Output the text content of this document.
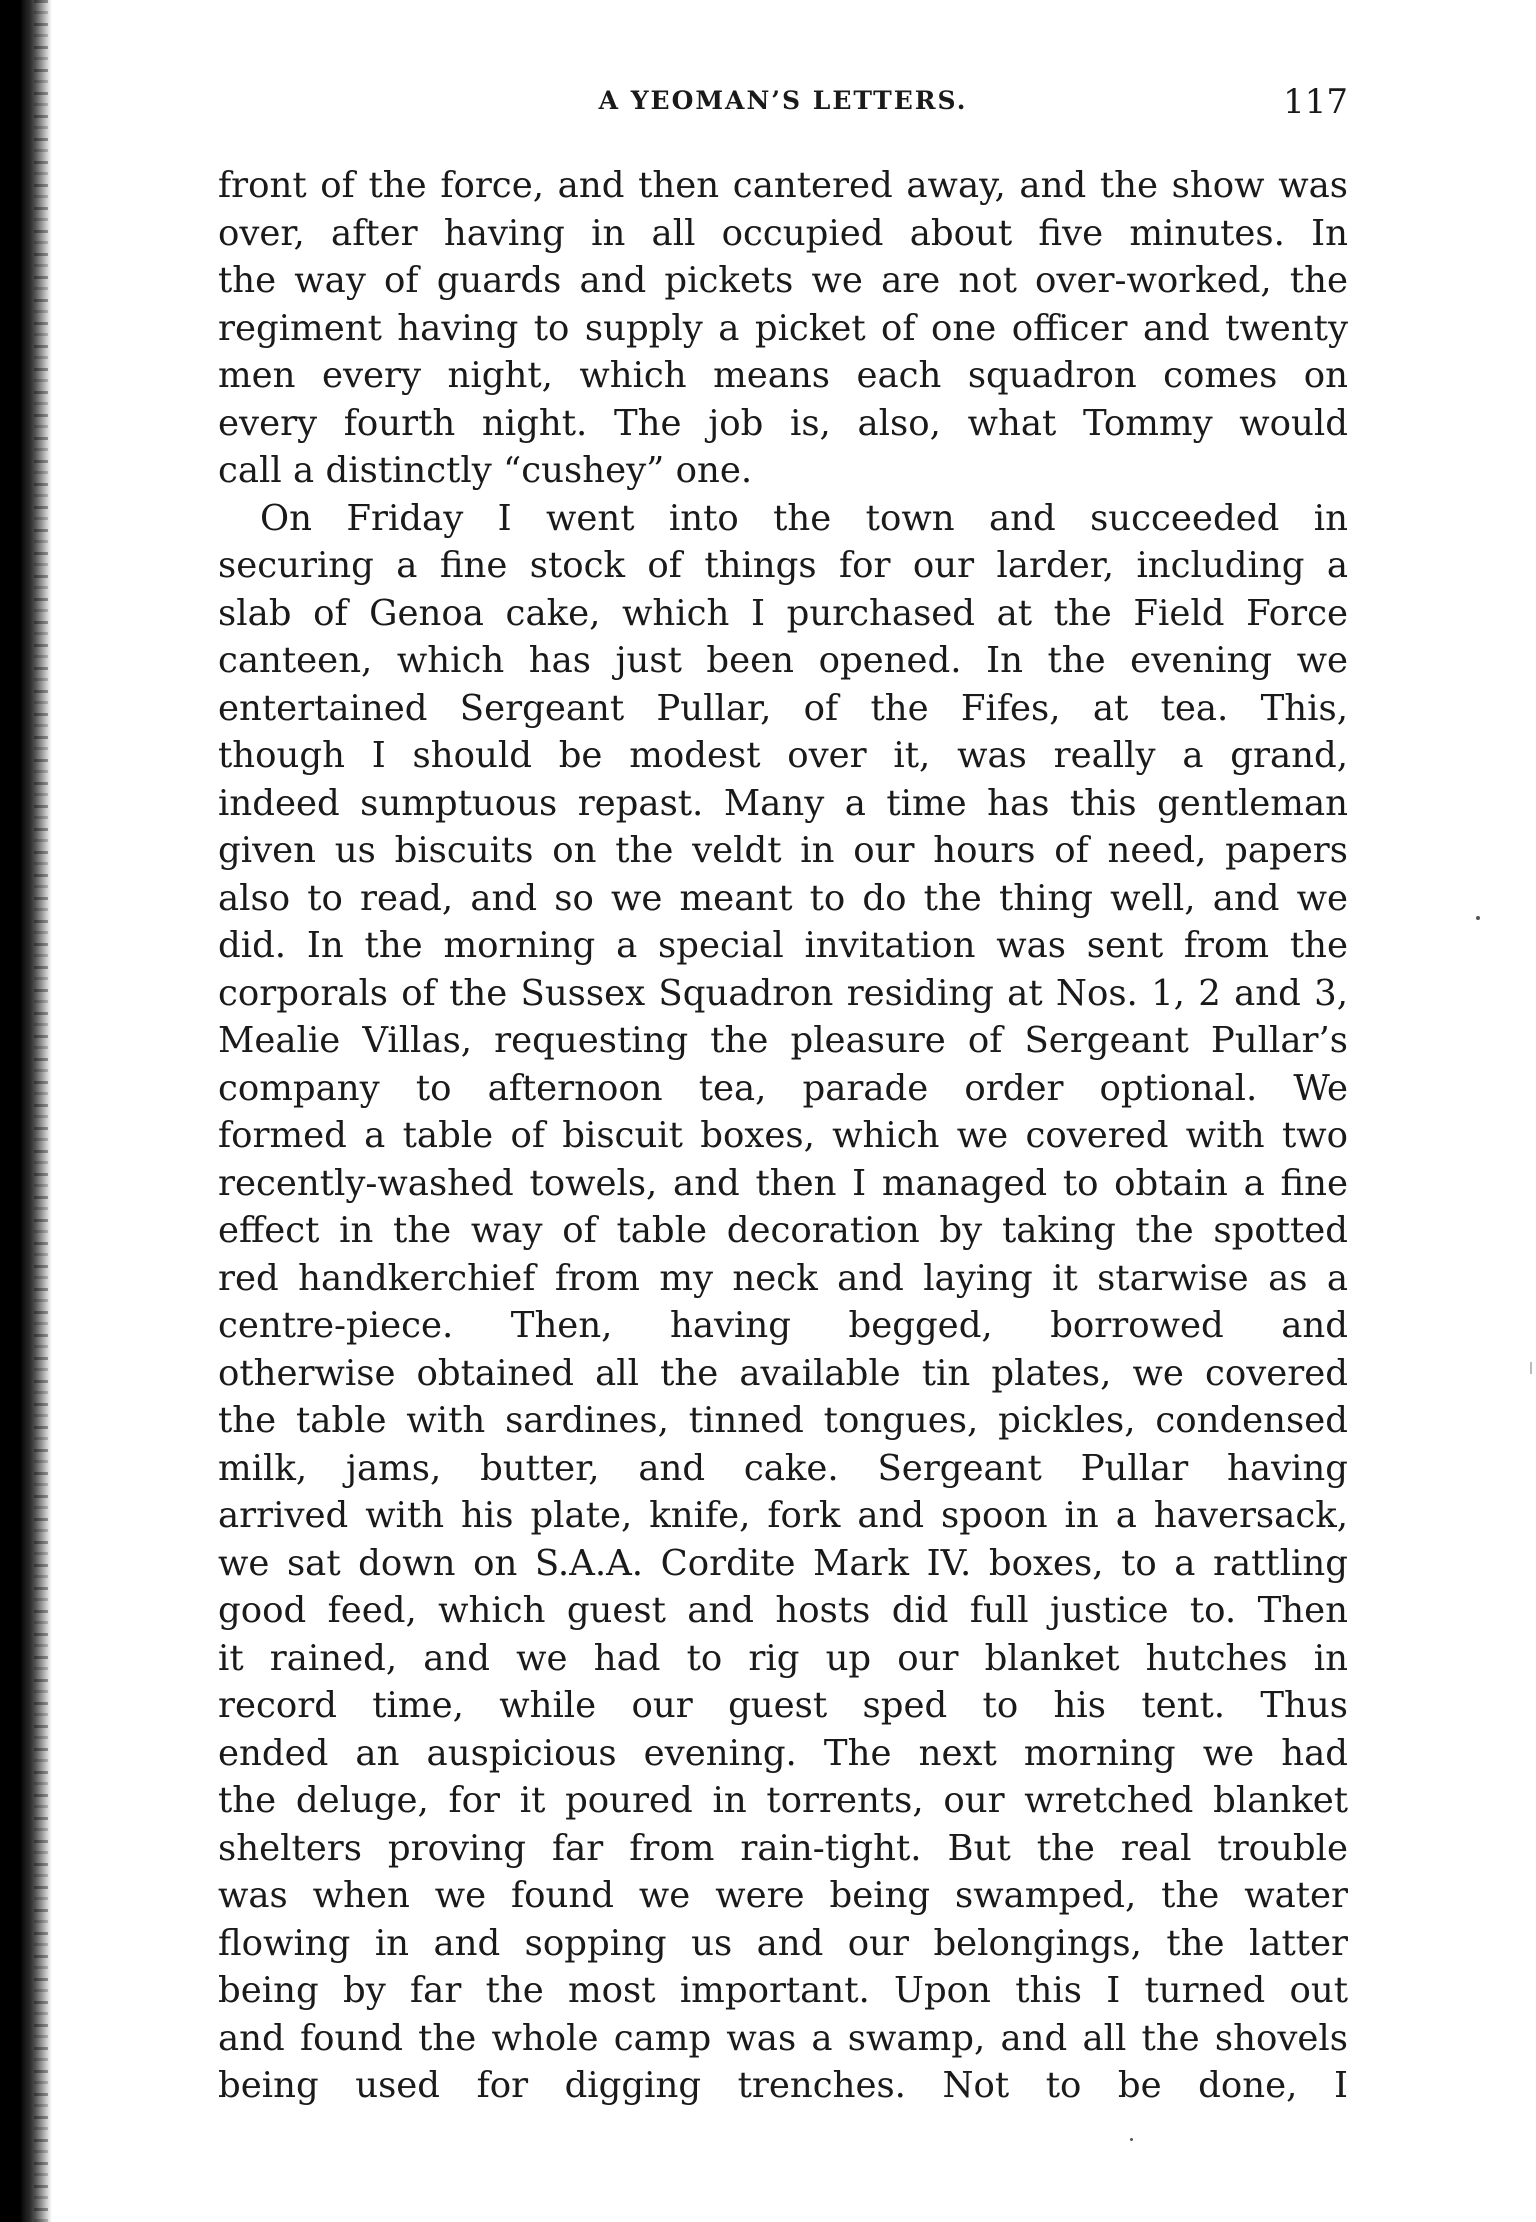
A YEOMAN’S LETTERS.	117
front of the force, and then cantered away, and the show was
over, after having in all occupied about five minutes. In
the way of guards and pickets we are not over-worked, the
regiment having to supply a picket of one officer and twenty
men every night, which means each squadron comes on
every fourth night. The job is, also, what Tommy would
call a distinctly “cushey” one.
On Friday I went into the town and succeeded in
securing a fine stock of things for our larder, including a
slab of Genoa cake, which I purchased at the Field Force
canteen, which has just been opened. In the evening we
entertained Sergeant Pullar, of the Fifes, at tea. This,
though I should be modest over it, was really a grand,
indeed sumptuous repast. Many a time has this gentleman
given us biscuits on the veldt in our hours of need, papers
also to read, and so we meant to do the thing well, and we
did. In the morning a special invitation was sent from the
corporals of the Sussex Squadron residing at Nos. 1, 2 and 3,
Mealie Villas, requesting the pleasure of Sergeant Pullar’s
company to afternoon tea, parade order optional. We
formed a table of biscuit boxes, which we covered with two
recently-washed towels, and then I managed to obtain a fine
effect in the way of table decoration by taking the spotted
red handkerchief from my neck and laying it starwise as a
centre-piece. Then, having begged, borrowed and
otherwise obtained all the available tin plates, we covered
the table with sardines, tinned tongues, pickles, condensed
milk, jams, butter, and cake. Sergeant Pullar having
arrived with his plate, knife, fork and spoon in a haversack,
we sat down on S.A.A. Cordite Mark IV. boxes, to a rattling
good feed, which guest and hosts did full justice to. Then
it rained, and we had to rig up our blanket hutches in
record time, while our guest sped to his tent. Thus
ended an auspicious evening. The next morning we had
the deluge, for it poured in torrents, our wretched blanket
shelters proving far from rain-tight. But the real trouble
was when we found we were being swamped, the water
flowing in and sopping us and our belongings, the latter
being by far the most important. Upon this I turned out
and found the whole camp was a swamp, and all the shovels
being used for digging trenches. Not to be done, I
